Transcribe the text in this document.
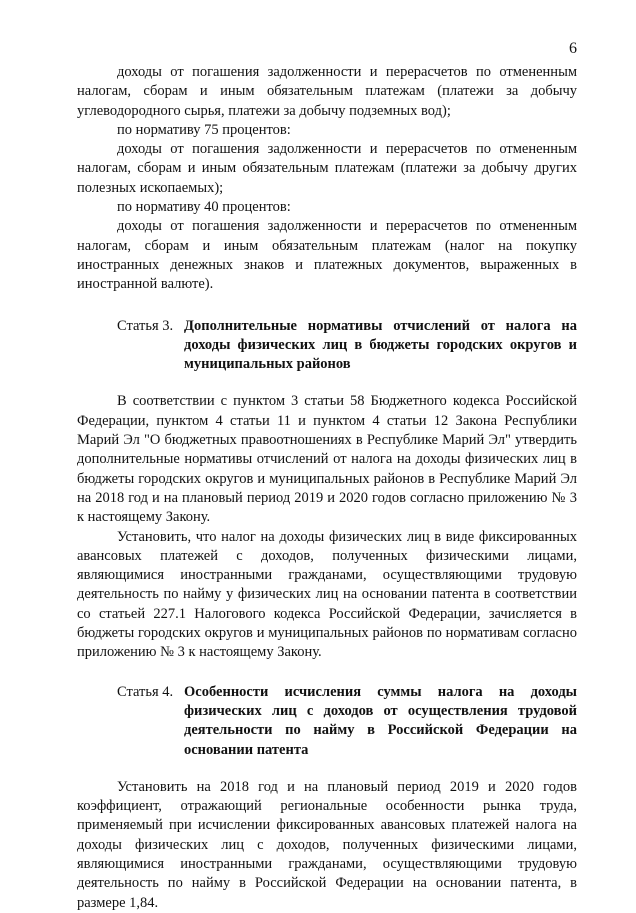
6

доходы от погашения задолженности и перерасчетов по отмененным налогам, сборам и иным обязательным платежам (платежи за добычу углеводородного сырья, платежи за добычу подземных вод);

по нормативу 75 процентов:

доходы от погашения задолженности и перерасчетов по отмененным налогам, сборам и иным обязательным платежам (платежи за добычу других полезных ископаемых);

по нормативу 40 процентов:

доходы от погашения задолженности и перерасчетов по отмененным налогам, сборам и иным обязательным платежам (налог на покупку иностранных денежных знаков и платежных документов, выраженных в иностранной валюте).

Статья 3. Дополнительные нормативы отчислений от налога на доходы физических лиц в бюджеты городских округов и муниципальных районов

В соответствии с пунктом 3 статьи 58 Бюджетного кодекса Российской Федерации, пунктом 4 статьи 11 и пунктом 4 статьи 12 Закона Республики Марий Эл "О бюджетных правоотношениях в Республике Марий Эл" утвердить дополнительные нормативы отчислений от налога на доходы физических лиц в бюджеты городских округов и муниципальных районов в Республике Марий Эл на 2018 год и на плановый период 2019 и 2020 годов согласно приложению № 3 к настоящему Закону.

Установить, что налог на доходы физических лиц в виде фиксированных авансовых платежей с доходов, полученных физическими лицами, являющимися иностранными гражданами, осуществляющими трудовую деятельность по найму у физических лиц на основании патента в соответствии со статьей 227.1 Налогового кодекса Российской Федерации, зачисляется в бюджеты городских округов и муниципальных районов по нормативам согласно приложению № 3 к настоящему Закону.

Статья 4. Особенности исчисления суммы налога на доходы физических лиц с доходов от осуществления трудовой деятельности по найму в Российской Федерации на основании патента

Установить на 2018 год и на плановый период 2019 и 2020 годов коэффициент, отражающий региональные особенности рынка труда, применяемый при исчислении фиксированных авансовых платежей налога на доходы физических лиц с доходов, полученных физическими лицами, являющимися иностранными гражданами, осуществляющими трудовую деятельность по найму в Российской Федерации на основании патента, в размере 1,84.
